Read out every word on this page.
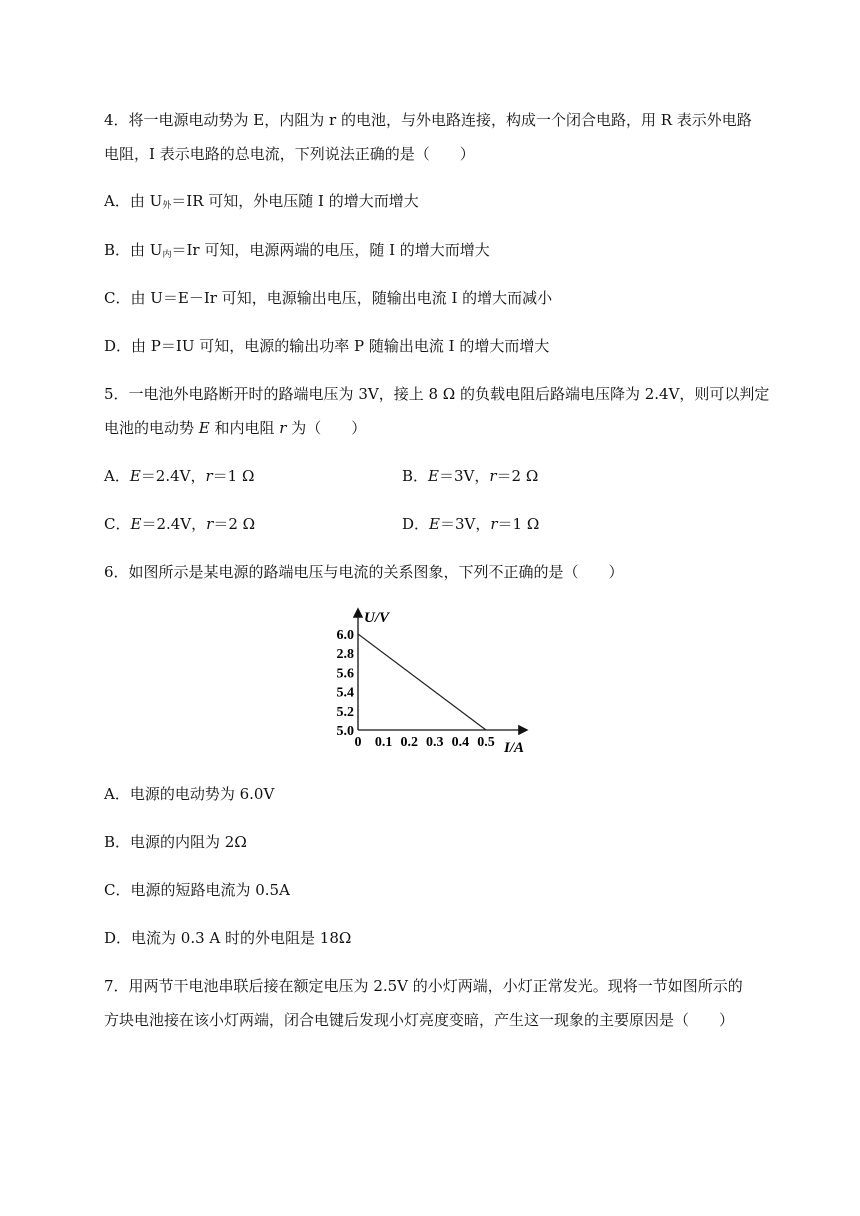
4．将一电源电动势为 E，内阻为 r 的电池，与外电路连接，构成一个闭合电路，用 R 表示外电路
电阻，I 表示电路的总电流，下列说法正确的是（　　）
A．由 $U_外=IR$ 可知，外电压随 I 的增大而增大
B．由 $U_内=Ir$ 可知，电源两端的电压，随 I 的增大而增大
C．由 U＝E－Ir 可知，电源输出电压，随输出电流 I 的增大而减小
D．由 P＝IU 可知，电源的输出功率 P 随输出电流 I 的增大而增大
5．一电池外电路断开时的路端电压为 3V，接上 8 Ω 的负载电阻后路端电压降为 2.4V，则可以判定
电池的电动势 E 和内电阻 r 为（　　）
A．E＝2.4V，r＝1 Ω	B．E＝3V，r＝2 Ω
C．E＝2.4V，r＝2 Ω	D．E＝3V，r＝1 Ω
6．如图所示是某电源的路端电压与电流的关系图象，下列不正确的是（　　）
U/V
I/A
5.0
5.2
5.4
5.6
2.8
6.0
0 0.1 0.2 0.3 0.4 0.5
A．电源的电动势为 6.0V
B．电源的内阻为 2Ω
C．电源的短路电流为 0.5A
D．电流为 0.3 A 时的外电阻是 18Ω
7．用两节干电池串联后接在额定电压为 2.5V 的小灯两端，小灯正常发光。现将一节如图所示的
方块电池接在该小灯两端，闭合电键后发现小灯亮度变暗，产生这一现象的主要原因是（　　）
